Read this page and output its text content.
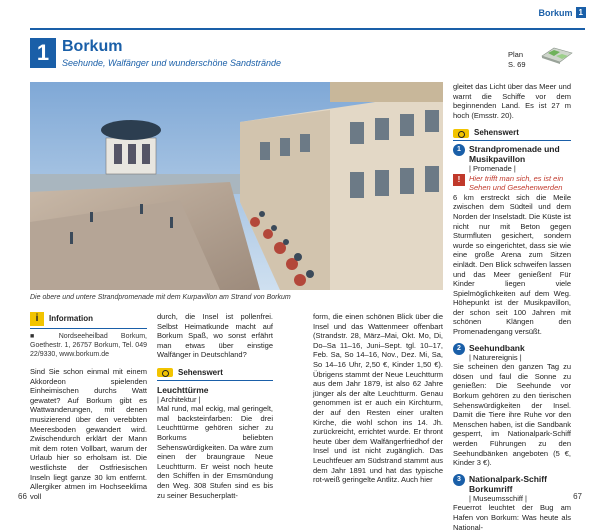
Borkum 1
1 Borkum
Seehunde, Walfänger und wunderschöne Sandstrände
Plan
S. 69
Die obere und untere Strandpromenade mit dem Kurpavillon am Strand von Borkum
i	Information

■ Nordseeheilbad Borkum, Goethestr. 1, 26757 Borkum, Tel. 049 22/9330, www.borkum.de

Sind Sie schon einmal mit einem Akkordeon spielenden Einheimischen durchs Watt gewatet? Auf Borkum gibt es Wattwanderungen, mit denen musizierend über den verebbten Meeresboden gewandert wird. Zwischendurch erklärt der Mann mit dem roten Vollbart, warum der Urlaub hier so erholsam ist. Die westlichste der Ostfriesischen Inseln liegt ganze 30 km entfernt. Allergiker atmen im Hochseeklima voll

durch, die Insel ist pollenfrei. Selbst Heimatkunde macht auf Borkum Spaß, wo sonst erfährt man etwas über einstige Walfänger in Deutschland?

Sehenswert
Leuchttürme
| Architektur |

Mal rund, mal eckig, mal geringelt, mal backsteinfarben: Die drei Leuchttürme gehören sicher zu Borkums beliebten Sehenswürdigkeiten. Da wäre zum einen der braungraue Neue Leuchtturm. Er weist noch heute den Schiffen in der Emsmündung den Weg. 308 Stufen sind es bis zu seiner Besucherplatt-

form, die einen schönen Blick über die Insel und das Wattenmeer offenbart (Strandstr. 28, März–Mai, Okt. Mo, Di, Do–Sa 11–16, Juni–Sept. tgl. 10–17, Feb. Sa, So 14–16, Nov., Dez. Mi, Sa, So 14–16 Uhr, 2,50 €, Kinder 1,50 €). Übrigens stammt der Neue Leuchtturm aus dem Jahr 1879, ist also 62 Jahre jünger als der alte Leuchtturm. Genau genommen ist er auch ein Kirchturm, der auf den Resten einer uralten Kirche, die wohl schon ins 14. Jh. zurückreicht, errichtet wurde. Er thront heute über dem Walfängerfriedhof der Insel und ist nicht zugänglich. Das Leuchtfeuer am Südstrand stammt aus dem Jahr 1891 und hat das typische rot-weiß geringelte Antlitz. Auch hier

gleitet das Licht über das Meer und warnt die Schiffe vor dem beginnenden Land. Es ist 27 m hoch (Emsstr. 20).

Sehenswert
1 Strandpromenade und Musikpavillon
| Promenade |
!	Hier trifft man sich, es ist ein Sehen und Gesehenwerden

6 km erstreckt sich die Meile zwischen dem Südteil und dem Norden der Inselstadt. Die Küste ist nicht nur mit Beton gegen Sturmfluten gesichert, sondern wurde so eingerichtet, dass sie wie eine große Arena zum Sitzen einlädt. Den Blick schweifen lassen und das Meer genießen! Für Kinder liegen viele Spielmöglichkeiten auf dem Weg. Höhepunkt ist der Musikpavillon, der schon seit 100 Jahren mit schönen Klängen den Promenadengang versüßt.

2 Seehundbank
| Naturereignis |

Sie scheinen den ganzen Tag zu dösen und faul die Sonne zu genießen: Die Seehunde vor Borkum gehören zu den tierischen Sehenswürdigkeiten der Insel. Damit die Tiere ihre Ruhe vor den Menschen haben, ist die Sandbank gesperrt, im Nationalpark-Schiff werden Führungen zu den Seehundbänken angeboten (5 €, Kinder 3 €).

3 Nationalpark-Schiff Borkumriff
| Museumsschiff |

Feuerrot leuchtet der Bug am Hafen von Borkum: Was heute als National-

66	67
